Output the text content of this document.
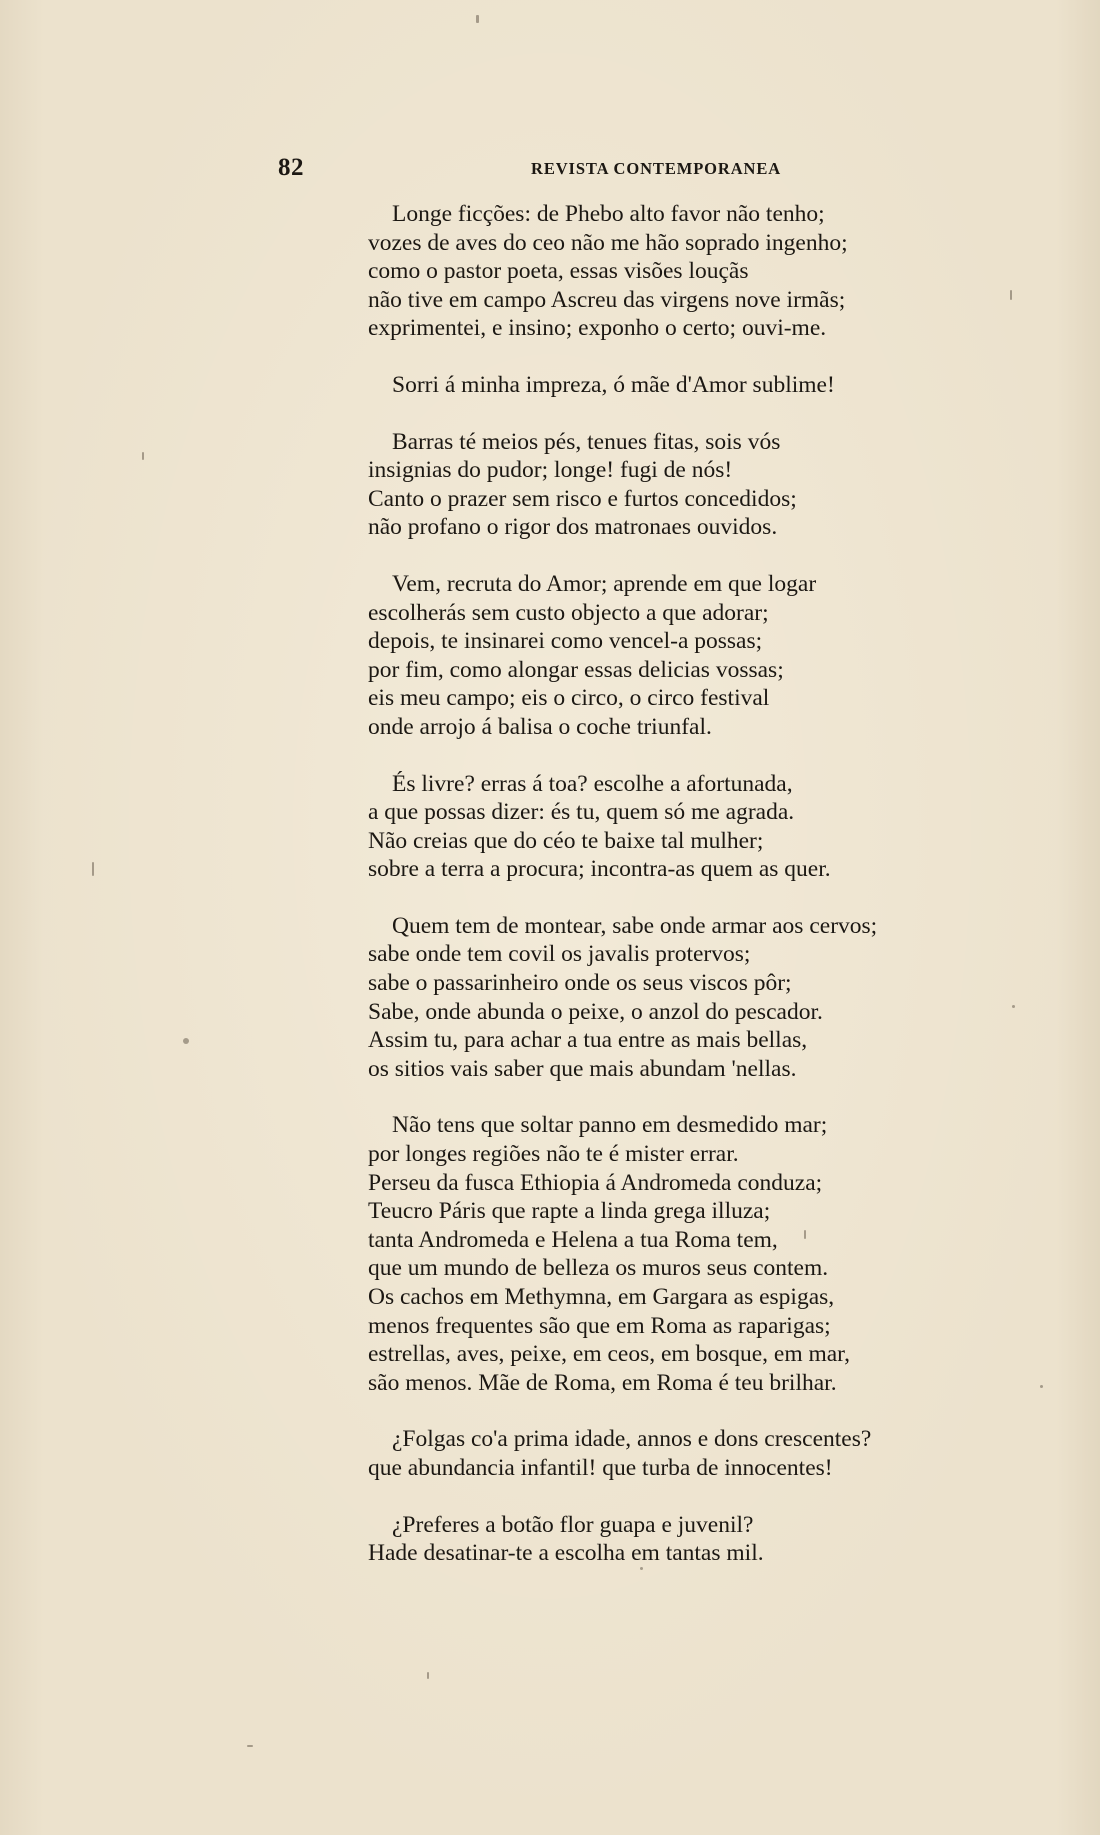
82	REVISTA CONTEMPORANEA
Longe ficções: de Phebo alto favor não tenho;
vozes de aves do ceo não me hão soprado ingenho;
como o pastor poeta, essas visões louçãs
não tive em campo Ascreu das virgens nove irmãs;
exprimentei, e insino; exponho o certo; ouvi-me.
Sorri á minha impreza, ó mãe d'Amor sublime!
Barras té meios pés, tenues fitas, sois vós
insignias do pudor; longe! fugi de nós!
Canto o prazer sem risco e furtos concedidos;
não profano o rigor dos matronaes ouvidos.
Vem, recruta do Amor; aprende em que logar
escolherás sem custo objecto a que adorar;
depois, te insinarei como vencel-a possas;
por fim, como alongar essas delicias vossas;
eis meu campo; eis o circo, o circo festival
onde arrojo á balisa o coche triunfal.
És livre? erras á toa? escolhe a afortunada,
a que possas dizer: és tu, quem só me agrada.
Não creias que do céo te baixe tal mulher;
sobre a terra a procura; incontra-as quem as quer.
Quem tem de montear, sabe onde armar aos cervos;
sabe onde tem covil os javalis protervos;
sabe o passarinheiro onde os seus viscos pôr;
Sabe, onde abunda o peixe, o anzol do pescador.
Assim tu, para achar a tua entre as mais bellas,
os sitios vais saber que mais abundam 'nellas.
Não tens que soltar panno em desmedido mar;
por longes regiões não te é mister errar.
Perseu da fusca Ethiopia á Andromeda conduza;
Teucro Páris que rapte a linda grega illuza;
tanta Andromeda e Helena a tua Roma tem,
que um mundo de belleza os muros seus contem.
Os cachos em Methymna, em Gargara as espigas,
menos frequentes são que em Roma as raparigas;
estrellas, aves, peixe, em ceos, em bosque, em mar,
são menos. Mãe de Roma, em Roma é teu brilhar.
¿Folgas co'a prima idade, annos e dons crescentes?
que abundancia infantil! que turba de innocentes!
¿Preferes a botão flor guapa e juvenil?
Hade desatinar-te a escolha em tantas mil.
